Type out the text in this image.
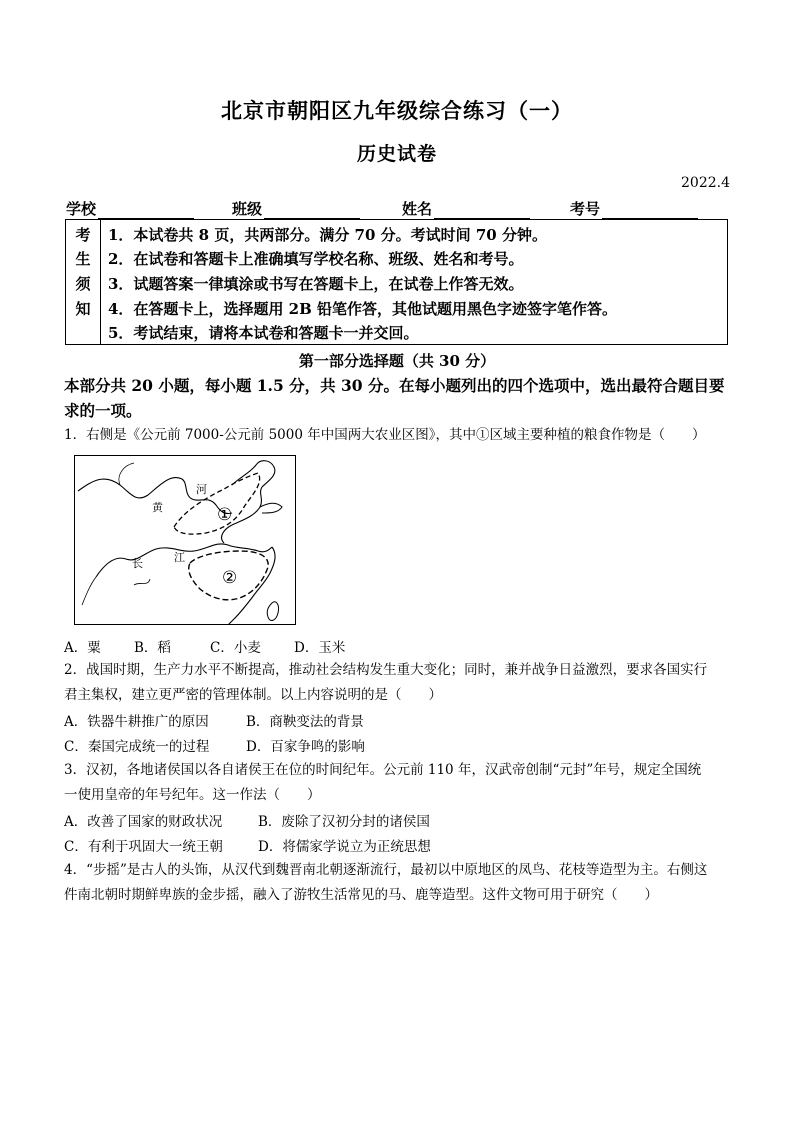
北京市朝阳区九年级综合练习（一）
历史试卷
2022.4
学校	班级	姓名	考号
考
生
须
知
1．本试卷共 8 页，共两部分。满分 70 分。考试时间 70 分钟。
2．在试卷和答题卡上准确填写学校名称、班级、姓名和考号。
3．试题答案一律填涂或书写在答题卡上，在试卷上作答无效。
4．在答题卡上，选择题用 2B 铅笔作答，其他试题用黑色字迹签字笔作答。
5．考试结束，请将本试卷和答题卡一并交回。
第一部分选择题（共 30 分）
本部分共 20 小题，每小题 1.5 分，共 30 分。在每小题列出的四个选项中，选出最符合题目要求的一项。
1．右侧是《公元前 7000-公元前 5000 年中国两大农业区图》，其中①区域主要种植的粮食作物是（　　）
河
黄
长	江
①
②
A．粟 B．稻	C．小麦 D．玉米
2．战国时期，生产力水平不断提高，推动社会结构发生重大变化；同时，兼并战争日益激烈，要求各国实行
君主集权，建立更严密的管理体制。以上内容说明的是（　　）
A．铁器牛耕推广的原因	B．商鞅变法的背景
C．秦国完成统一的过程	D．百家争鸣的影响
3．汉初，各地诸侯国以各自诸侯王在位的时间纪年。公元前 110 年，汉武帝创制“元封”年号，规定全国统
一使用皇帝的年号纪年。这一作法（　　）
A．改善了国家的财政状况	B．废除了汉初分封的诸侯国
C．有利于巩固大一统王朝	D．将儒家学说立为正统思想
4．“步摇”是古人的头饰，从汉代到魏晋南北朝逐渐流行，最初以中原地区的凤鸟、花枝等造型为主。右侧这
件南北朝时期鲜卑族的金步摇，融入了游牧生活常见的马、鹿等造型。这件文物可用于研究（　　）
